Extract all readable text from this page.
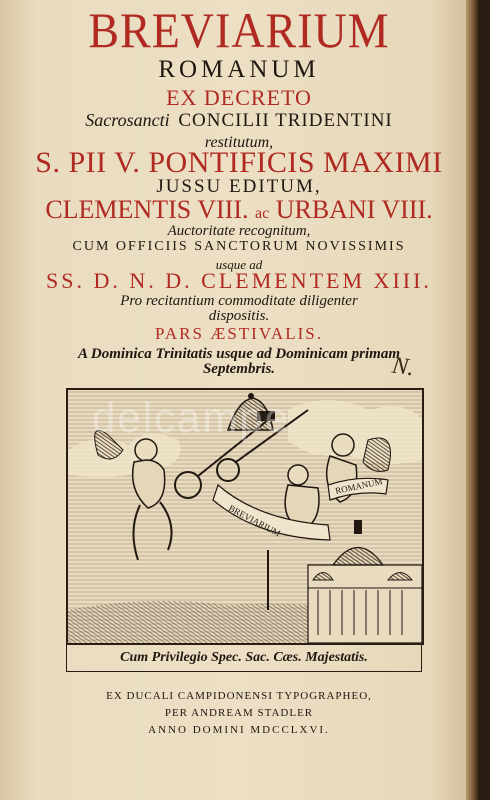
BREVIARIUM
ROMANUM
EX DECRETO
Sacrosancti CONCILII TRIDENTINI
restitutum,
S. PII V. PONTIFICIS MAXIMI
JUSSU EDITUM,
CLEMENTIS VIII. ac URBANI VIII.
Auctoritate recognitum,
CUM OFFICIIS SANCTORUM NOVISSIMIS
usque ad
SS. D. N. D. CLEMENTEM XIII.
Pro recitantium commoditate diligenter
dispositis.
PARS ÆSTIVALIS.
A Dominica Trinitatis usque ad Dominicam primam
Septembris.	N.
BREVIARIUM
ROMANUM
delcampe
Cum Privilegio Spec. Sac. Cæs. Majestatis.
EX DUCALI CAMPIDONENSI TYPOGRAPHEO,
PER ANDREAM STADLER
ANNO DOMINI MDCCLXVI.
